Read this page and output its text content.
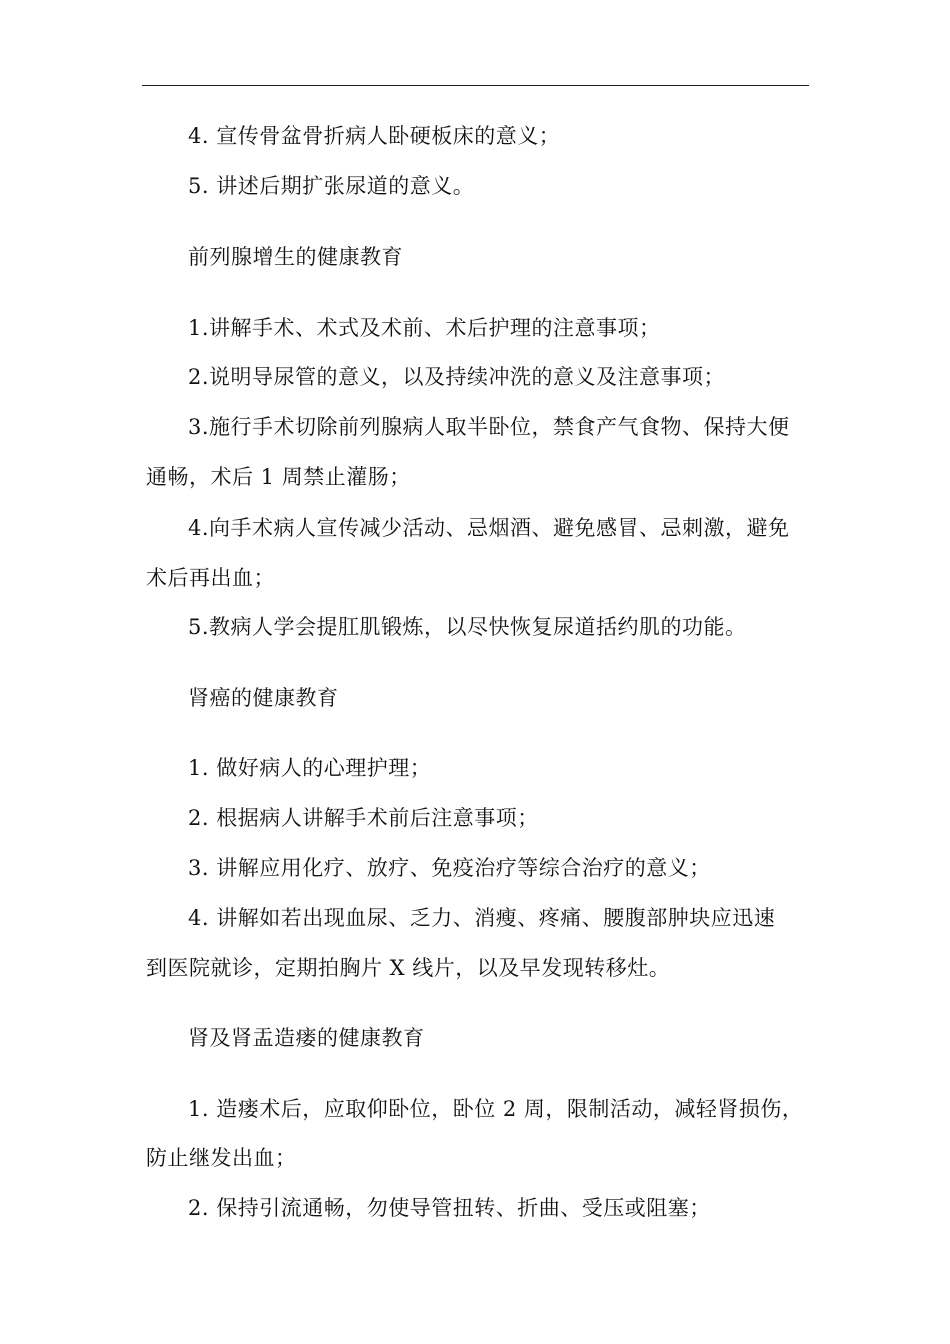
4. 宣传骨盆骨折病人卧硬板床的意义；
5. 讲述后期扩张尿道的意义。
前列腺增生的健康教育
1.讲解手术、术式及术前、术后护理的注意事项；
2.说明导尿管的意义，以及持续冲洗的意义及注意事项；
3.施行手术切除前列腺病人取半卧位，禁食产气食物、保持大便
通畅，术后 1 周禁止灌肠；
4.向手术病人宣传减少活动、忌烟酒、避免感冒、忌刺激，避免
术后再出血；
5.教病人学会提肛肌锻炼，以尽快恢复尿道括约肌的功能。
肾癌的健康教育
1. 做好病人的心理护理；
2. 根据病人讲解手术前后注意事项；
3. 讲解应用化疗、放疗、免疫治疗等综合治疗的意义；
4. 讲解如若出现血尿、乏力、消瘦、疼痛、腰腹部肿块应迅速
到医院就诊，定期拍胸片 X 线片，以及早发现转移灶。
肾及肾盂造瘘的健康教育
1. 造瘘术后，应取仰卧位，卧位 2 周，限制活动，减轻肾损伤，
防止继发出血；
2. 保持引流通畅，勿使导管扭转、折曲、受压或阻塞；
